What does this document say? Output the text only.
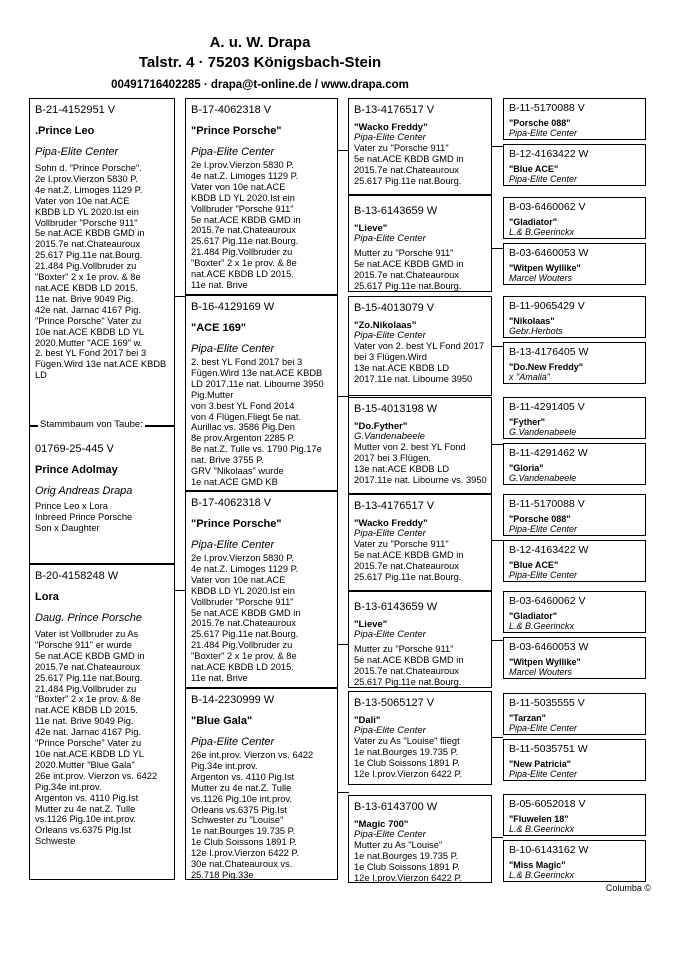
A. u. W. Drapa
Talstr. 4 · 75203 Königsbach-Stein
00491716402285 · drapa@t-online.de / www.drapa.com
B-21-4152951 V
.Prince Leo
Pipa-Elite Center
Sohn d. "Prince Porsche".
2e I.prov.Vierzon 5830 P.
4e nat.Z. Limoges 1129 P.
Vater von 10e nat.ACE
KBDB LD YL 2020.Ist ein
Vollbruder "Porsche 911"
5e nat.ACE KBDB GMD in
2015.7e nat.Chateauroux
25.617 Pig.11e nat.Bourg.
21.484 Pig.Vollbruder zu
"Boxter" 2 x 1e prov. & 8e
nat.ACE KBDB LD 2015.
11e nat. Brive 9049 Pig.
42e nat. Jarnac 4167 Pig.
"Prince Porsche" Vater zu
10e nat.ACE KBDB LD YL
2020.Mutter "ACE 169" w.
2. best YL Fond 2017 bei 3
Fügen.Wird 13e nat.ACE KBDB
LD
01769-25-445 V
Prince Adolmay
Orig Andreas Drapa
Prince Leo x Lora
Inbreed Prince Porsche
Son x Daughter
Stammbaum von Taube:
B-20-4158248 W
Lora
Daug. Prince Porsche
Vater ist Vollbruder zu As
"Porsche 911" er wurde
5e nat.ACE KBDB GMD in
2015.7e nat.Chateauroux
25.617 Pig.11e nat.Bourg.
21.484 Pig.Vollbruder zu
"Boxter" 2 x 1e prov. & 8e
nat.ACE KBDB LD 2015.
11e nat. Brive 9049 Pig.
42e nat. Jarnac 4167 Pig.
"Prince Porsche" Vater zu
10e nat.ACE KBDB LD YL
2020.Mutter "Blue Gala"
26e int.prov. Vierzon vs. 6422
Pig.34e int.prov.
Argenton vs. 4110 Pig.Ist
Mutter zu 4e nat.Z. Tulle
vs.1126 Pig.10e int.prov.
Orleans vs.6375 Pig.Ist
Schweste
B-17-4062318 V
"Prince Porsche"
Pipa-Elite Center
2e I.prov.Vierzon 5830 P.
4e nat.Z. Limoges 1129 P.
Vater von 10e nat.ACE
KBDB LD YL 2020.Ist ein
Vollbruder "Porsche 911"
5e nat.ACE KBDB GMD in
2015.7e nat.Chateauroux
25.617 Pig.11e nat.Bourg.
21.484 Pig.Vollbruder zu
"Boxter" 2 x 1e prov. & 8e
nat.ACE KBDB LD 2015.
11e nat. Brive
B-16-4129169 W
"ACE 169"
Pipa-Elite Center
2. best YL Fond 2017 bei 3
Fügen.Wird 13e nat.ACE KBDB
LD 2017.11e nat. Libourne 3950
Pig.Mutter
von 3.best YL Fond 2014
von 4 Flügen.Fliegt 5e nat.
Aurillac vs. 3586 Pig.Den
8e prov.Argenton 2285 P.
8e nat.Z. Tulle vs. 1790 Pig.17e
nat. Brive 3755 P.
GRV "Nikolaas" wurde
1e nat.ACE GMD KB
B-17-4062318 V
"Prince Porsche"
Pipa-Elite Center
2e I.prov.Vierzon 5830 P.
4e nat.Z. Limoges 1129 P.
Vater von 10e nat.ACE
KBDB LD YL 2020.Ist ein
Vollbruder "Porsche 911"
5e nat.ACE KBDB GMD in
2015.7e nat.Chateauroux
25.617 Pig.11e nat.Bourg.
21.484 Pig.Vollbruder zu
"Boxter" 2 x 1e prov. & 8e
nat.ACE KBDB LD 2015.
11e nat. Brive
B-14-2230999 W
"Blue Gala"
Pipa-Elite Center
26e int.prov. Vierzon vs. 6422
Pig.34e int.prov.
Argenton vs. 4110 Pig.Ist
Mutter zu 4e nat.Z. Tulle
vs.1126 Pig.10e int.prov.
Orleans vs.6375 Pig.Ist
Schwester zu "Louise"
1e nat.Bourges 19.735 P.
1e Club Soissons 1891 P.
12e I.prov.Vierzon 6422 P.
30e nat.Chateauroux vs.
25.718 Pig.33e
B-13-4176517 V
"Wacko Freddy"
Pipa-Elite Center
Vater zu "Porsche 911"
5e nat.ACE KBDB GMD in
2015.7e nat.Chateauroux
25.617 Pig.11e nat.Bourg.
B-13-6143659 W
"Lieve"
Pipa-Elite Center
Mutter zu "Porsche 911"
5e nat.ACE KBDB GMD in
2015.7e nat.Chateauroux
25.617 Pig.11e nat.Bourg.
B-15-4013079 V
"Zo.Nikolaas"
Pipa-Elite Center
Vater von 2. best YL Fond 2017
bei 3 Flügen.Wird
13e nat.ACE KBDB LD
2017.11e nat. Libourne 3950
B-15-4013198 W
"Do.Fyther"
G.Vandenabeele
Mutter von 2. best YL Fond
2017 bei 3 Flügen.
13e nat.ACE KBDB LD
2017.11e nat. Libourne vs. 3950
B-13-4176517 V
"Wacko Freddy"
Pipa-Elite Center
Vater zu "Porsche 911"
5e nat.ACE KBDB GMD in
2015.7e nat.Chateauroux
25.617 Pig.11e nat.Bourg.
B-13-6143659 W
"Lieve"
Pipa-Elite Center
Mutter zu "Porsche 911"
5e nat.ACE KBDB GMD in
2015.7e nat.Chateauroux
25.617 Pig.11e nat.Bourg.
B-13-5065127 V
"Dali"
Pipa-Elite Center
Vater zu As "Louise" fliegt
1e nat.Bourges 19.735 P.
1e Club Soissons 1891 P.
12e I.prov.Vierzon 6422 P.
B-13-6143700 W
"Magic 700"
Pipa-Elite Center
Mutter zu As "Louise"
1e nat.Bourges 19.735 P.
1e Club Soissons 1891 P.
12e I.prov.Vierzon 6422 P.
B-11-5170088 V
"Porsche 088"
Pipa-Elite Center
B-12-4163422 W
"Blue ACE"
Pipa-Elite Center
B-03-6460062 V
"Gladiator"
L.& B.Geerinckx
B-03-6460053 W
"Witpen Wyllike"
Marcel Wouters
B-11-9065429 V
"Nikolaas"
Gebr.Herbots
B-13-4176405 W
"Do.New Freddy"
x "Amalia"
B-11-4291405 V
"Fyther"
G.Vandenabeele
B-11-4291462 W
"Gloria"
G.Vandenabeele
B-11-5170088 V
"Porsche 088"
Pipa-Elite Center
B-12-4163422 W
"Blue ACE"
Pipa-Elite Center
B-03-6460062 V
"Gladiator"
L.& B.Geerinckx
B-03-6460053 W
"Witpen Wyllike"
Marcel Wouters
B-11-5035555 V
"Tarzan"
Pipa-Elite Center
B-11-5035751 W
"New Patricia"
Pipa-Elite Center
B-05-6052018 V
"Fluwelen 18"
L.& B.Geerinckx
B-10-6143162 W
"Miss Magic"
L.& B.Geerinckx
Columba ©
